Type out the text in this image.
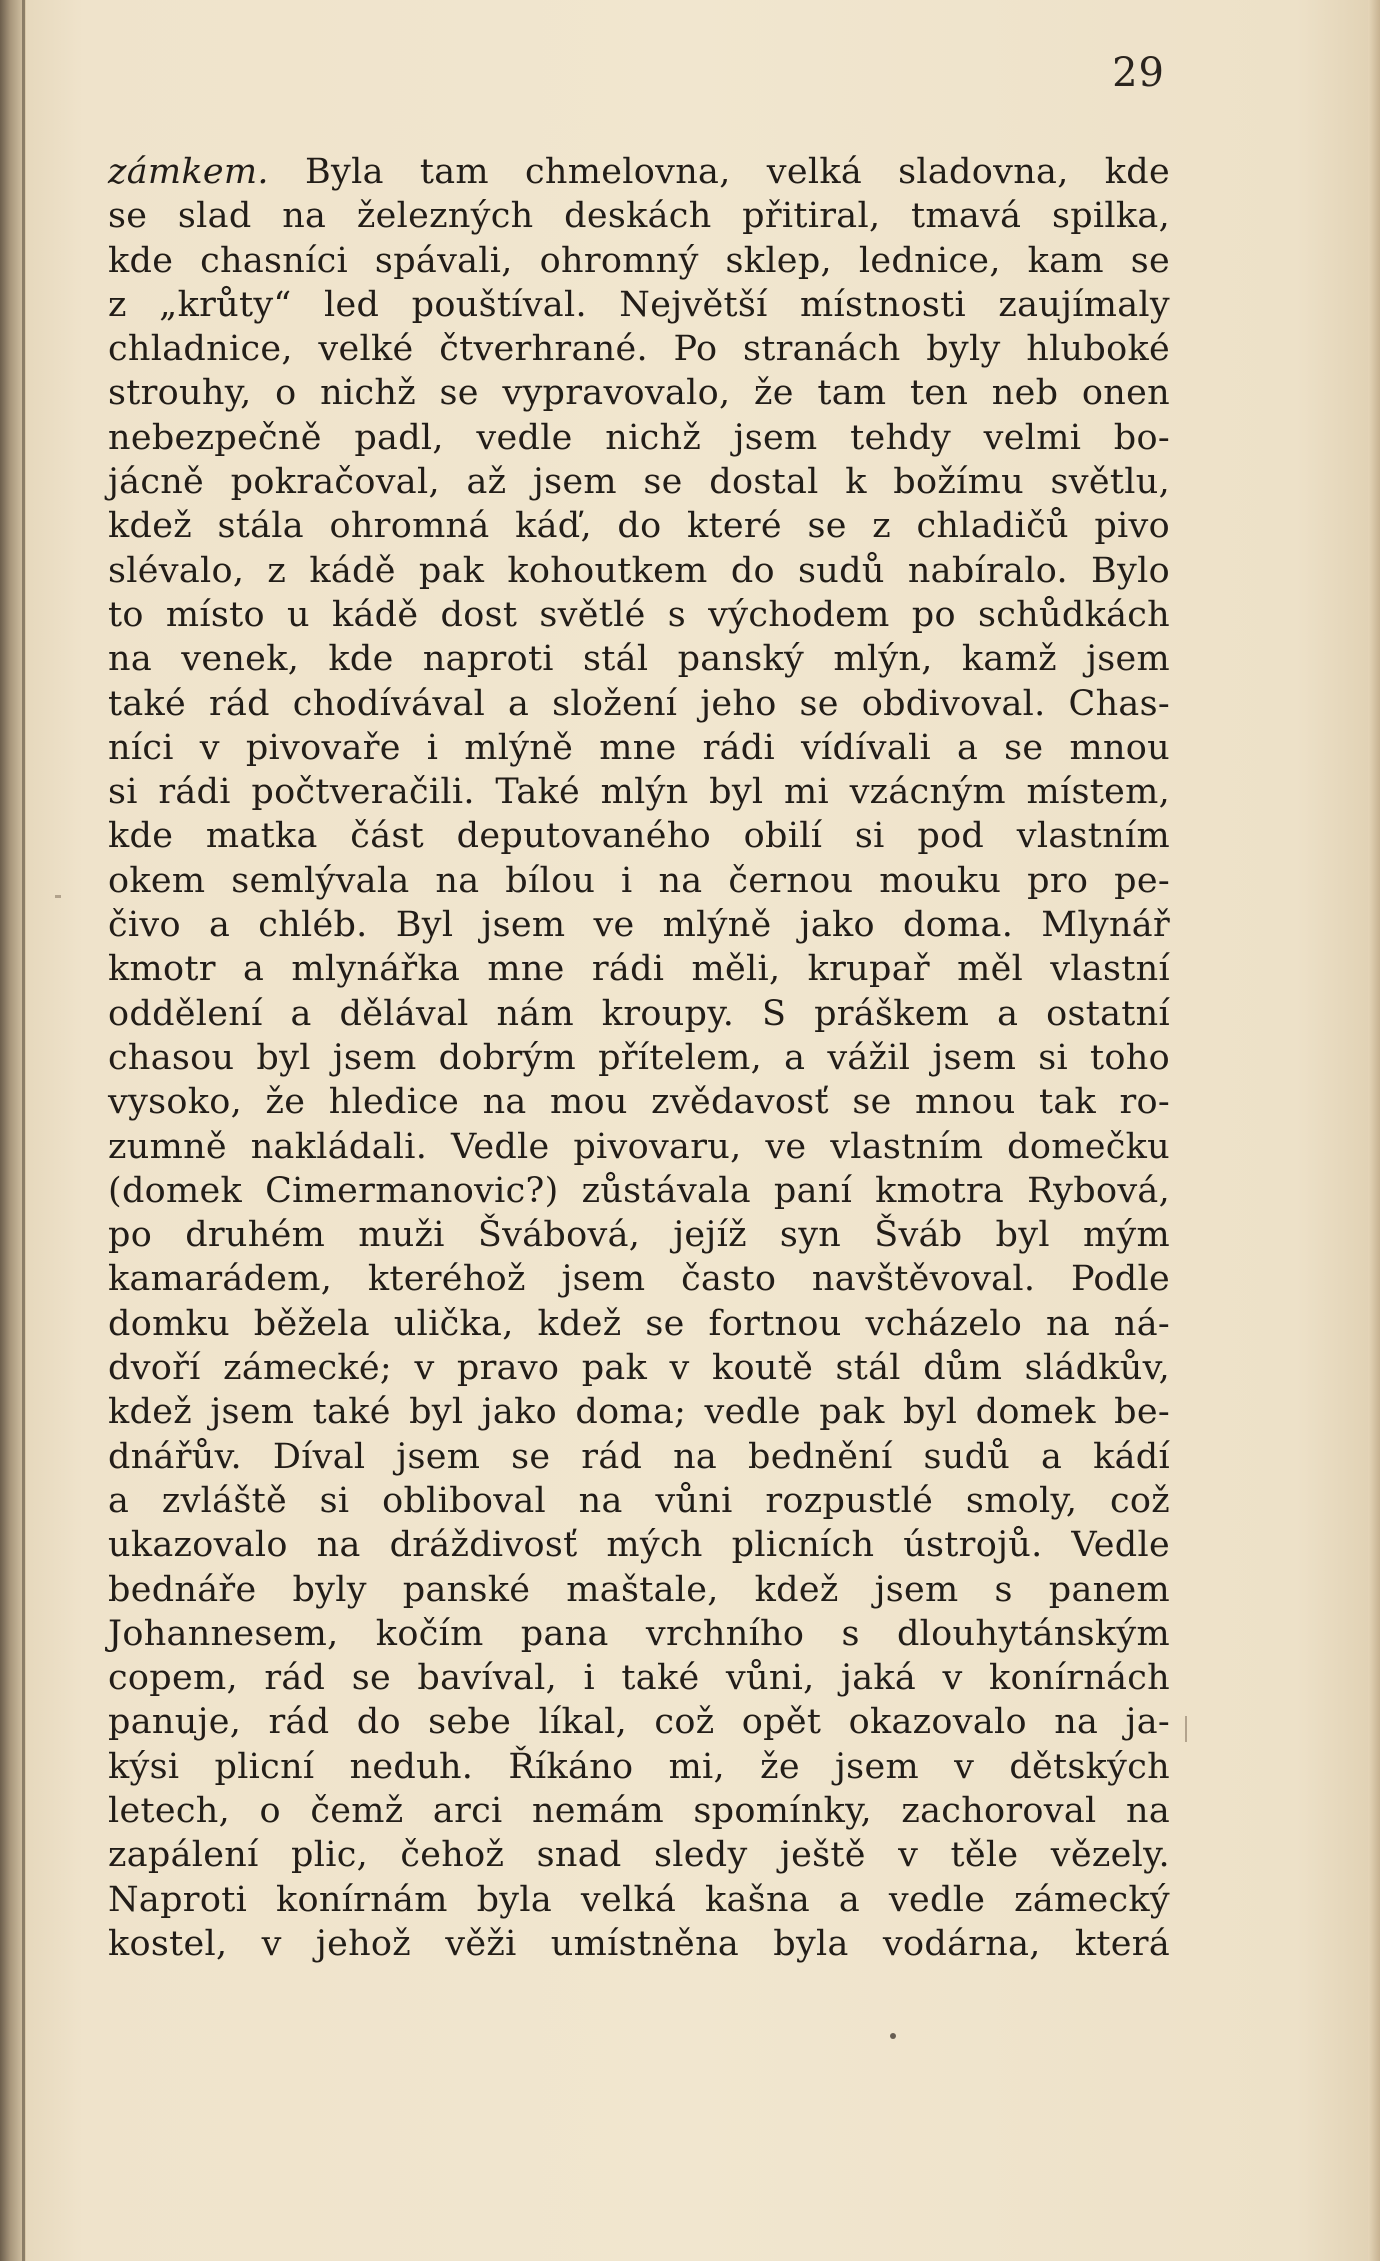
29
zámkem. Byla tam chmelovna, velká sladovna, kde
se slad na železných deskách přitiral, tmavá spilka,
kde chasníci spávali, ohromný sklep, lednice, kam se
z „krůty“ led pouštíval. Největší místnosti zaujímaly
chladnice, velké čtverhrané. Po stranách byly hluboké
strouhy, o nichž se vypravovalo, že tam ten neb onen
nebezpečně padl, vedle nichž jsem tehdy velmi bo-
jácně pokračoval, až jsem se dostal k božímu světlu,
kdež stála ohromná káď, do které se z chladičů pivo
slévalo, z kádě pak kohoutkem do sudů nabíralo. Bylo
to místo u kádě dost světlé s východem po schůdkách
na venek, kde naproti stál panský mlýn, kamž jsem
také rád chodívával a složení jeho se obdivoval. Chas-
níci v pivovaře i mlýně mne rádi vídívali a se mnou
si rádi počtveračili. Také mlýn byl mi vzácným místem,
kde matka část deputovaného obilí si pod vlastním
okem semlývala na bílou i na černou mouku pro pe-
čivo a chléb. Byl jsem ve mlýně jako doma. Mlynář
kmotr a mlynářka mne rádi měli, krupař měl vlastní
oddělení a dělával nám kroupy. S práškem a ostatní
chasou byl jsem dobrým přítelem, a vážil jsem si toho
vysoko, že hledice na mou zvědavosť se mnou tak ro-
zumně nakládali. Vedle pivovaru, ve vlastním domečku
(domek Cimermanovic?) zůstávala paní kmotra Rybová,
po druhém muži Švábová, jejíž syn Šváb byl mým
kamarádem, kteréhož jsem často navštěvoval. Podle
domku běžela ulička, kdež se fortnou vcházelo na ná-
dvoří zámecké; v pravo pak v koutě stál dům sládkův,
kdež jsem také byl jako doma; vedle pak byl domek be-
dnářův. Díval jsem se rád na bednění sudů a kádí
a zvláště si obliboval na vůni rozpustlé smoly, což
ukazovalo na dráždivosť mých plicních ústrojů. Vedle
bednáře byly panské maštale, kdež jsem s panem
Johannesem, kočím pana vrchního s dlouhytánským
copem, rád se bavíval, i také vůni, jaká v konírnách
panuje, rád do sebe líkal, což opět okazovalo na ja-
kýsi plicní neduh. Říkáno mi, že jsem v dětských
letech, o čemž arci nemám spomínky, zachoroval na
zapálení plic, čehož snad sledy ještě v těle vězely.
Naproti konírnám byla velká kašna a vedle zámecký
kostel, v jehož věži umístněna byla vodárna, která
